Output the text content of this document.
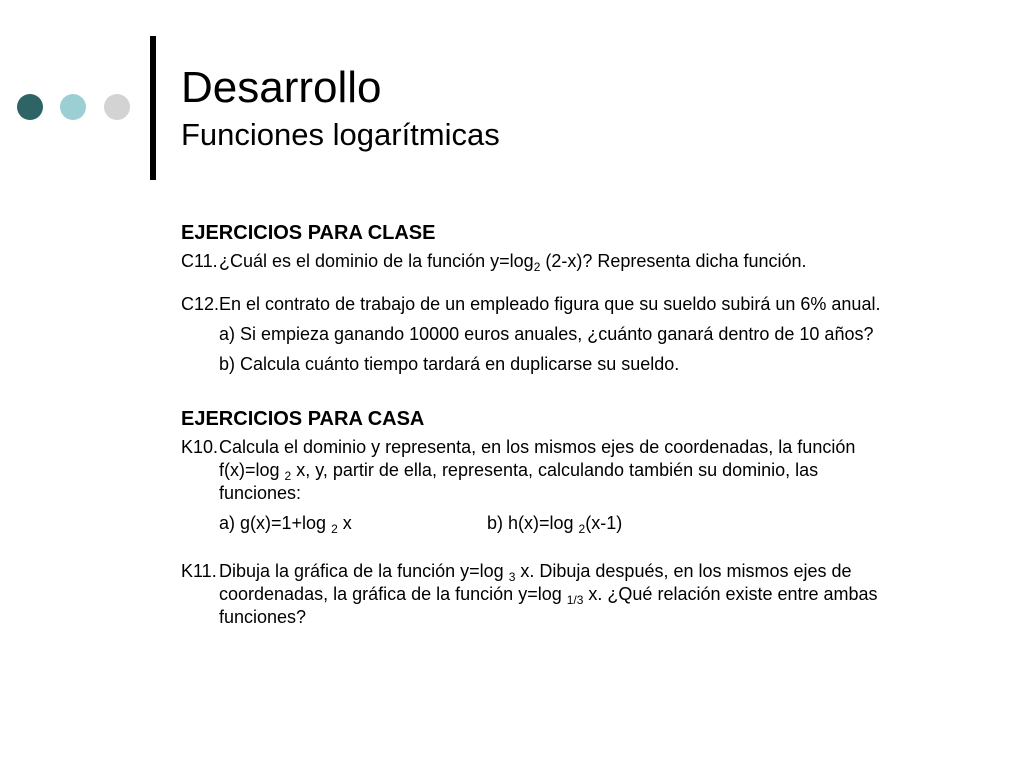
Desarrollo
Funciones logarítmicas
EJERCICIOS PARA CLASE
C11. ¿Cuál es el dominio de la función $y=\log_2$ (2-x)? Representa dicha función.
C12. En el contrato de trabajo de un empleado figura que su sueldo subirá un 6% anual.
a) Si empieza ganando 10000 euros anuales, ¿cuánto ganará dentro de 10 años?
b) Calcula cuánto tiempo tardará en duplicarse su sueldo.
EJERCICIOS PARA CASA
K10. Calcula el dominio y representa, en los mismos ejes de coordenadas, la función
f(x)=log $_2$ x, y, partir de ella, representa, calculando también su dominio, las
funciones:
a) g(x)=1+log $_2$ x	b) h(x)=log $_2$(x-1)
K11. Dibuja la gráfica de la función y=log $_3$ x. Dibuja después, en los mismos ejes de
coordenadas, la gráfica de la función y=log $_{1/3}$ x. ¿Qué relación existe entre ambas
funciones?
